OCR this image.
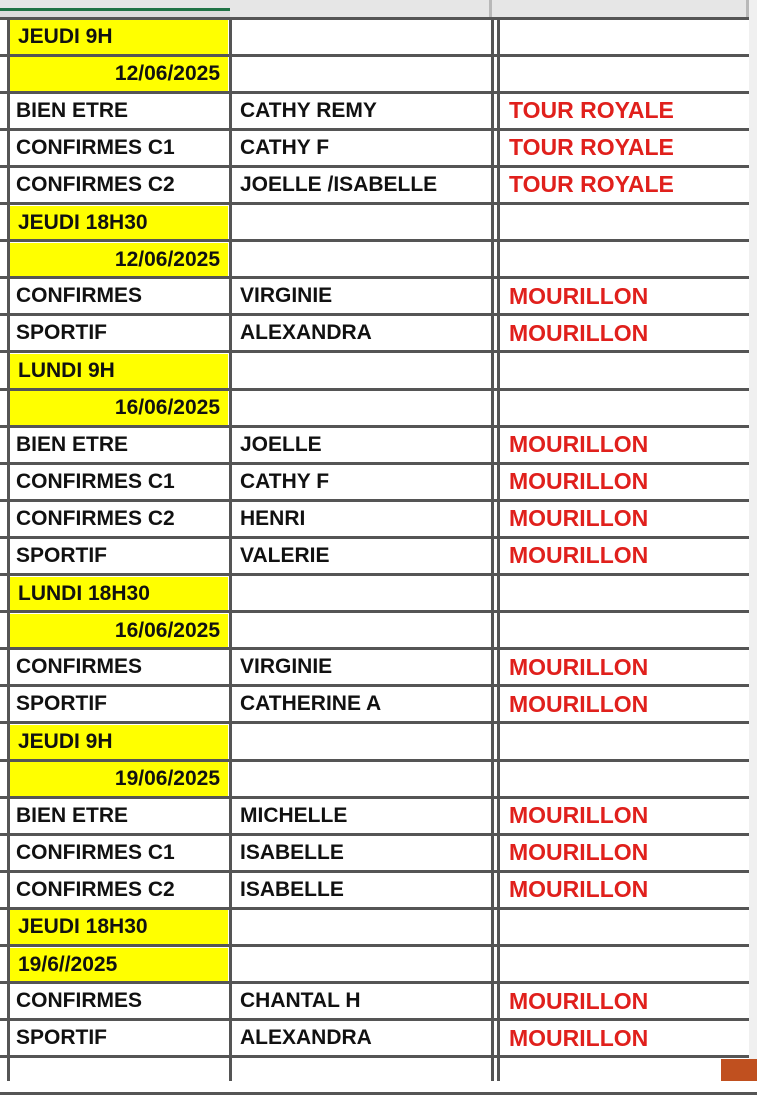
JEUDI 9H
12/06/2025
BIEN ETRE	CATHY REMY	TOUR ROYALE
CONFIRMES C1	CATHY F	TOUR ROYALE
CONFIRMES C2	JOELLE /ISABELLE	TOUR ROYALE
JEUDI 18H30
12/06/2025
CONFIRMES	VIRGINIE	MOURILLON
SPORTIF	ALEXANDRA	MOURILLON
LUNDI 9H
16/06/2025
BIEN ETRE	JOELLE	MOURILLON
CONFIRMES C1	CATHY F	MOURILLON
CONFIRMES C2	HENRI	MOURILLON
SPORTIF	VALERIE	MOURILLON
LUNDI 18H30
16/06/2025
CONFIRMES	VIRGINIE	MOURILLON
SPORTIF	CATHERINE A	MOURILLON
JEUDI 9H
19/06/2025
BIEN ETRE	MICHELLE	MOURILLON
CONFIRMES C1	ISABELLE	MOURILLON
CONFIRMES C2	ISABELLE	MOURILLON
JEUDI 18H30
19/6//2025
CONFIRMES	CHANTAL H	MOURILLON
SPORTIF	ALEXANDRA	MOURILLON
